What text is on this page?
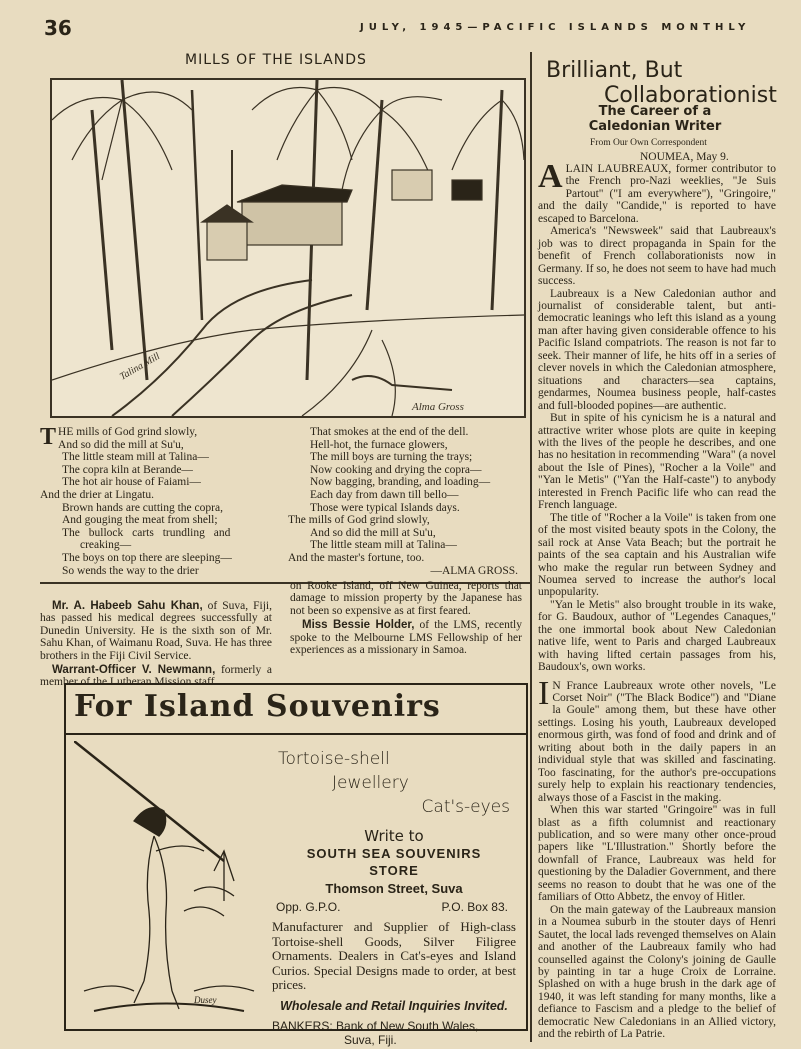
36	JULY, 1945—PACIFIC ISLANDS MONTHLY
MILLS OF THE ISLANDS
Talina Mill
Alma Gross
THE mills of God grind slowly,
And so did the mill at Su'u,
The little steam mill at Talina—
The copra kiln at Berande—
The hot air house of Faiami—
And the drier at Lingatu.
Brown hands are cutting the copra,
And gouging the meat from shell;
The bullock carts trundling and
creaking—
The boys on top there are sleeping—
So wends the way to the drier
That smokes at the end of the dell.
Hell-hot, the furnace glowers,
The mill boys are turning the trays;
Now cooking and drying the copra—
Now bagging, branding, and loading—
Each day from dawn till bello—
Those were typical Islands days.
The mills of God grind slowly,
And so did the mill at Su'u,
The little steam mill at Talina—
And the master's fortune, too.
—ALMA GROSS.

Mr. A. Habeeb Sahu Khan, of Suva, Fiji, has passed his medical degrees successfully at Dunedin University. He is the sixth son of Mr. Sahu Khan, of Waimanu Road, Suva. He has three brothers in the Fiji Civil Service.

Warrant-Officer V. Newmann, formerly a member of the Lutheran Mission staff

on Rooke Island, off New Guinea, reports that damage to mission property by the Japanese has not been so expensive as at first feared.

Miss Bessie Holder, of the LMS, recently spoke to the Melbourne LMS Fellowship of her experiences as a missionary in Samoa.

For Island Souvenirs
Dusey
Tortoise-shell
Jewellery
Cat's-eyes
Write to
SOUTH SEA SOUVENIRS
STORE
Thomson Street, Suva
Opp. G.P.O.	P.O. Box 83.
Manufacturer and Supplier of High-class Tortoise-shell Goods, Silver Filigree Ornaments. Dealers in Cat's-eyes and Island Curios. Special Designs made to order, at best prices.
Wholesale and Retail Inquiries Invited.
BANKERS: Bank of New South Wales,
Suva, Fiji.
Brilliant, But
Collaborationist
The Career of a Caledonian Writer
From Our Own Correspondent
NOUMEA, May 9.

ALAIN LAUBREAUX, former contributor to the French pro-Nazi weeklies, "Je Suis Partout" ("I am everywhere"), "Gringoire," and the daily "Candide," is reported to have escaped to Barcelona.

America's "Newsweek" said that Laubreaux's job was to direct propaganda in Spain for the benefit of French collaborationists now in Germany. If so, he does not seem to have had much success.

Laubreaux is a New Caledonian author and journalist of considerable talent, but anti-democratic leanings who left this island as a young man after having given considerable offence to his Pacific Island compatriots. The reason is not far to seek. Their manner of life, he hits off in a series of clever novels in which the Caledonian atmosphere, situations and characters—sea captains, gendarmes, Noumea business people, half-castes and full-blooded popines—are authentic.

But in spite of his cynicism he is a natural and attractive writer whose plots are quite in keeping with the lives of the people he describes, and one has no hesitation in recommending "Wara" (a novel about the Isle of Pines), "Rocher a la Voile" and "Yan le Metis" ("Yan the Half-caste") to anybody interested in French Pacific life who can read the French language.

The title of "Rocher a la Voile" is taken from one of the most visited beauty spots in the Colony, the sail rock at Anse Vata Beach; but the portrait he paints of the sea captain and his Australian wife who make the regular run between Sydney and Noumea served to increase the author's local unpopularity.

"Yan le Metis" also brought trouble in its wake, for G. Baudoux, author of "Legendes Canaques," the one immortal book about New Caledonian native life, went to Paris and charged Laubreaux with having lifted certain passages from his, Baudoux's, own works.

I N France Laubreaux wrote other novels, "Le Corset Noir" ("The Black Bodice") and "Diane la Goule" among them, but these have other settings. Losing his youth, Laubreaux developed enormous girth, was fond of food and drink and of writing about both in the daily papers in an individual style that was skilled and fascinating. Too fascinating, for the author's pre-occupations surely help to explain his reactionary tendencies, always those of a Fascist in the making.

When this war started "Gringoire" was in full blast as a fifth columnist and reactionary publication, and so were many other once-proud papers like "L'Illustration." Shortly before the downfall of France, Laubreaux was held for questioning by the Daladier Government, and there seems no reason to doubt that he was one of the familiars of Otto Abbetz, the envoy of Hitler.

On the main gateway of the Laubreaux mansion in a Noumea suburb in the stouter days of Henri Sautet, the local lads revenged themselves on Alain and another of the Laubreaux family who had counselled against the Colony's joining de Gaulle by painting in tar a huge Croix de Lorraine. Splashed on with a huge brush in the dark age of 1940, it was left standing for many months, like a defiance to Fascism and a pledge to the belief of democratic New Caledonians in an Allied victory, and the rebirth of La Patrie.
